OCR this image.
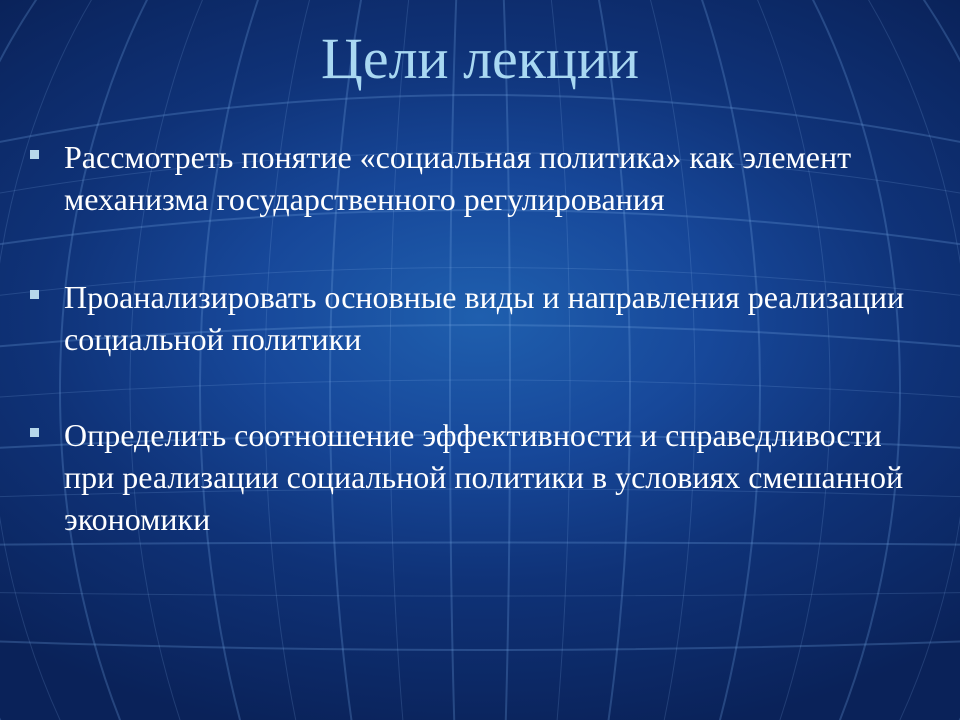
Цели лекции
Рассмотреть понятие «социальная политика» как элемент механизма государственного регулирования
Проанализировать основные виды и направления реализации социальной политики
Определить соотношение эффективности и справедливости при реализации социальной политики в условиях смешанной экономики
